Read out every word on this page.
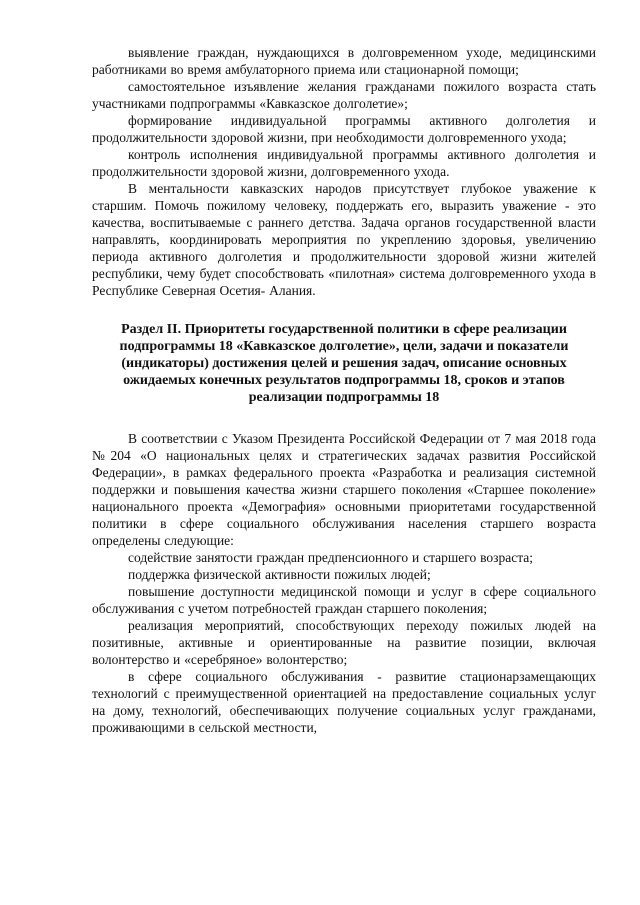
выявление граждан, нуждающихся в долговременном уходе, медицинскими работниками во время амбулаторного приема или стационарной помощи;

самостоятельное изъявление желания гражданами пожилого возраста стать участниками подпрограммы «Кавказское долголетие»;

формирование индивидуальной программы активного долголетия и продолжительности здоровой жизни, при необходимости долговременного ухода;

контроль исполнения индивидуальной программы активного долголетия и продолжительности здоровой жизни, долговременного ухода.

В ментальности кавказских народов присутствует глубокое уважение к старшим. Помочь пожилому человеку, поддержать его, выразить уважение - это качества, воспитываемые с раннего детства. Задача органов государственной власти направлять, координировать мероприятия по укреплению здоровья, увеличению периода активного долголетия и продолжительности здоровой жизни жителей республики, чему будет способствовать «пилотная» система долговременного ухода в Республике Северная Осетия- Алания.

Раздел II. Приоритеты государственной политики в сфере реализации
подпрограммы 18 «Кавказское долголетие», цели, задачи и показатели
(индикаторы) достижения целей и решения задач, описание основных
ожидаемых конечных результатов подпрограммы 18, сроков и этапов
реализации подпрограммы 18

В соответствии с Указом Президента Российской Федерации от 7 мая 2018 года №204 «О национальных целях и стратегических задачах развития Российской Федерации», в рамках федерального проекта «Разработка и реализация системной поддержки и повышения качества жизни старшего поколения «Старшее поколение» национального проекта «Демография» основными приоритетами государственной политики в сфере социального обслуживания населения старшего возраста определены следующие:

содействие занятости граждан предпенсионного и старшего возраста;

поддержка физической активности пожилых людей;

повышение доступности медицинской помощи и услуг в сфере социального обслуживания с учетом потребностей граждан старшего поколения;

реализация мероприятий, способствующих переходу пожилых людей на позитивные, активные и ориентированные на развитие позиции, включая волонтерство и «серебряное» волонтерство;

в сфере социального обслуживания - развитие стационарзамещающих технологий с преимущественной ориентацией на предоставление социальных услуг на дому, технологий, обеспечивающих получение социальных услуг гражданами, проживающими в сельской местности,
